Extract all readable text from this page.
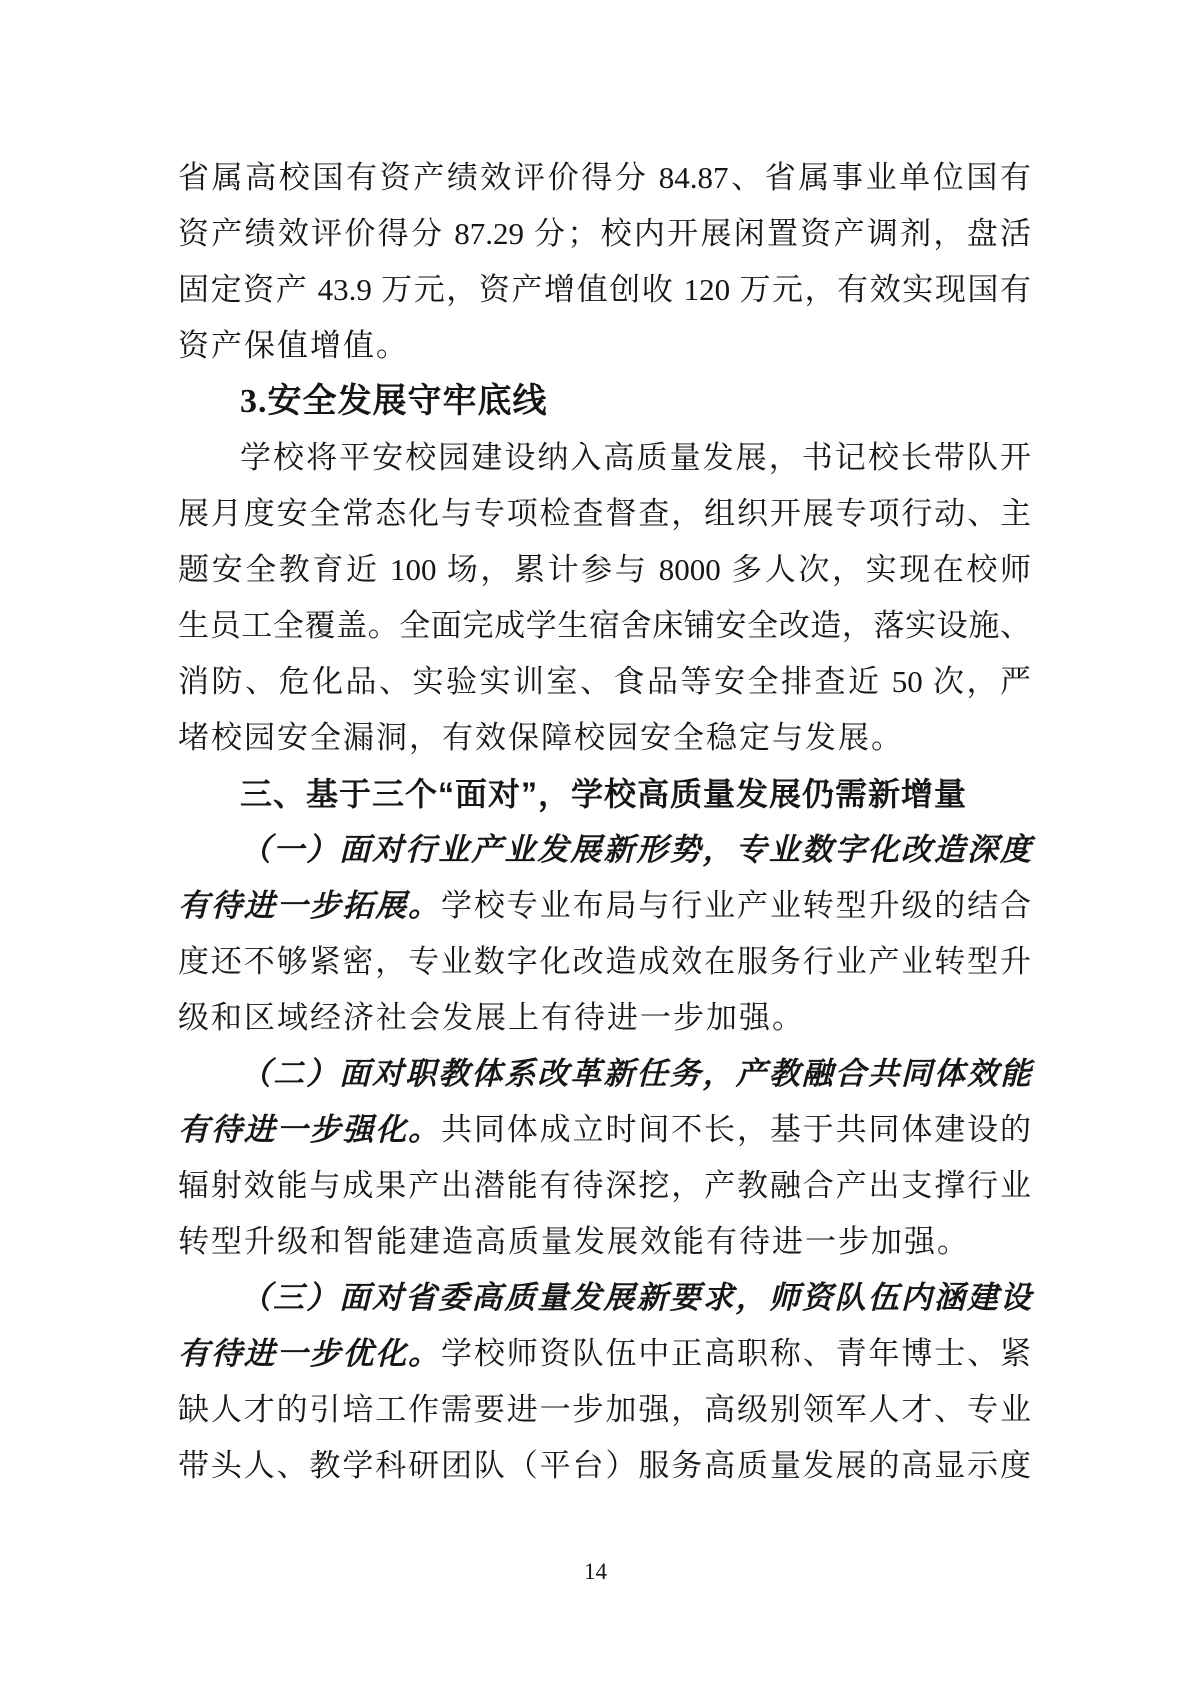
省属高校国有资产绩效评价得分 84.87、省属事业单位国有
资产绩效评价得分 87.29 分；校内开展闲置资产调剂，盘活
固定资产 43.9 万元，资产增值创收 120 万元，有效实现国有
资产保值增值。
3.安全发展守牢底线
学校将平安校园建设纳入高质量发展，书记校长带队开
展月度安全常态化与专项检查督查，组织开展专项行动、主
题安全教育近 100 场，累计参与 8000 多人次，实现在校师
生员工全覆盖。全面完成学生宿舍床铺安全改造，落实设施、
消防、危化品、实验实训室、食品等安全排查近 50 次，严
堵校园安全漏洞，有效保障校园安全稳定与发展。
三、基于三个“面对”，学校高质量发展仍需新增量
（一）面对行业产业发展新形势，专业数字化改造深度
有待进一步拓展。学校专业布局与行业产业转型升级的结合
度还不够紧密，专业数字化改造成效在服务行业产业转型升
级和区域经济社会发展上有待进一步加强。
（二）面对职教体系改革新任务，产教融合共同体效能
有待进一步强化。共同体成立时间不长，基于共同体建设的
辐射效能与成果产出潜能有待深挖，产教融合产出支撑行业
转型升级和智能建造高质量发展效能有待进一步加强。
（三）面对省委高质量发展新要求，师资队伍内涵建设
有待进一步优化。学校师资队伍中正高职称、青年博士、紧
缺人才的引培工作需要进一步加强，高级别领军人才、专业
带头人、教学科研团队（平台）服务高质量发展的高显示度
14
